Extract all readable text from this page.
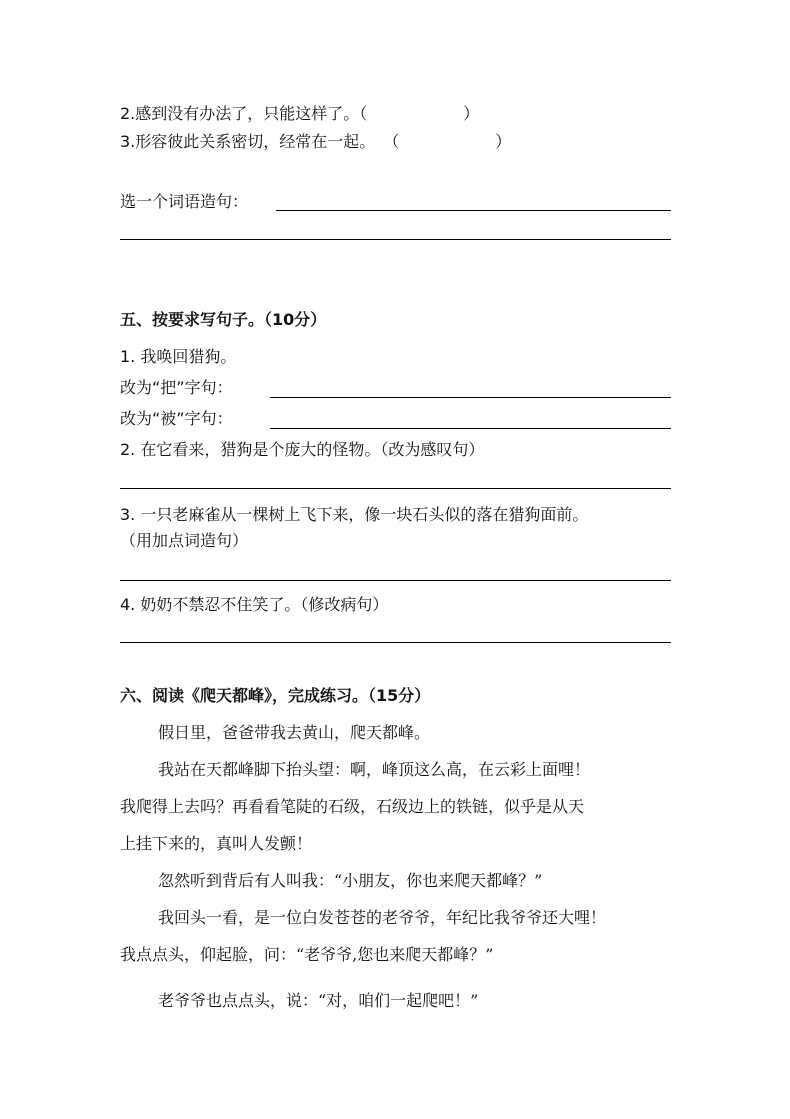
2.感到没有办法了，只能这样了。（	）
3.形容彼此关系密切，经常在一起。 （	）
选一个词语造句：
五、按要求写句子。（10分）
1. 我唤回猎狗。
改为“把”字句：
改为“被”字句：
2. 在它看来，猎狗是个庞大的怪物。（改为感叹句）
3. 一只老麻雀从一棵树上飞下来，像一块石头似的落在猎狗面前。
（用加点词造句）
4. 奶奶不禁忍不住笑了。（修改病句）
六、阅读《爬天都峰》，完成练习。（15分）
假日里，爸爸带我去黄山，爬天都峰。
我站在天都峰脚下抬头望：啊，峰顶这么高，在云彩上面哩！
我爬得上去吗？再看看笔陡的石级，石级边上的铁链，似乎是从天
上挂下来的，真叫人发颤！
忽然听到背后有人叫我：“小朋友，你也来爬天都峰？”
我回头一看，是一位白发苍苍的老爷爷，年纪比我爷爷还大哩！
我点点头，仰起脸，问：“老爷爷,您也来爬天都峰？”
老爷爷也点点头，说：“对，咱们一起爬吧！”
